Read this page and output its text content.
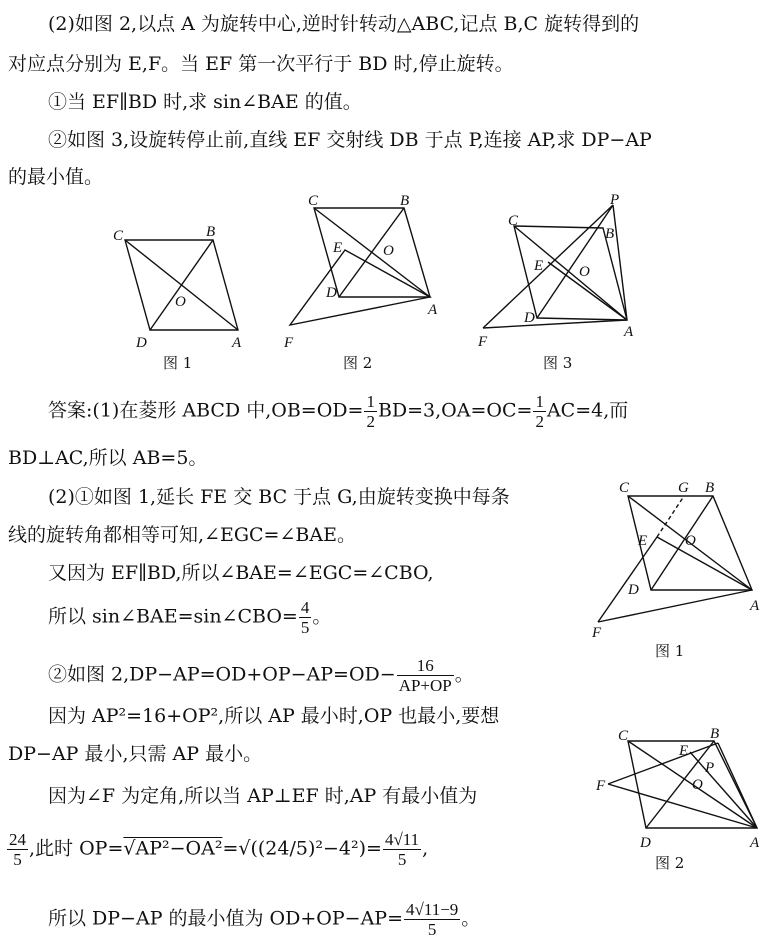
(2)如图 2,以点 A 为旋转中心,逆时针转动△ABC,记点 B,C 旋转得到的
对应点分别为 E,F。当 EF 第一次平行于 BD 时,停止旋转。
①当 EF∥BD 时,求 sin∠BAE 的值。
②如图 3,设旋转停止前,直线 EF 交射线 DB 于点 P,连接 AP,求 DP−AP
的最小值。
C	B
O
D	A
C	B
E	O
D
A
F
P
C
B
E O
D
A
F
C	G B
E	O
D
A
F
C	B
E
P
O
F
D	A
图 1	图 2	图 3
图 1
图 2
答案:(1)在菱形 ABCD 中$,OB=OD= \frac{1}{2} BD=3,OA=OC= \frac{1}{2} AC=4$,而
BD⊥AC,所以 AB=5。
(2)①如图 1,延长 FE 交 BC 于点 G,由旋转变换中每条
线的旋转角都相等可知,∠EGC=∠BAE。
又因为 EF∥BD,所以∠BAE=∠EGC=∠CBO,
所以 sin∠BAE=sin∠CBO= $\frac{4}{5}$ 。
②如图 $2,DP-AP=OD+OP-AP=OD- \frac{16}{AP+OP}$ 。
因为 AP²=16+OP²,所以 AP 最小时,OP 也最小,要想
DP−AP 最小,只需 AP 最小。
因为∠F 为定角,所以当 AP⊥EF 时,AP 有最小值为
$\frac{24}{5}$ ,此时 $OP=√AP^2-OA^2=√((24/5)^2-4^2)= \frac{4√11}{5}$ ,
所以 DP−AP 的最小值为 $OD+OP-AP= \frac{4√11-9}{5}$ 。
